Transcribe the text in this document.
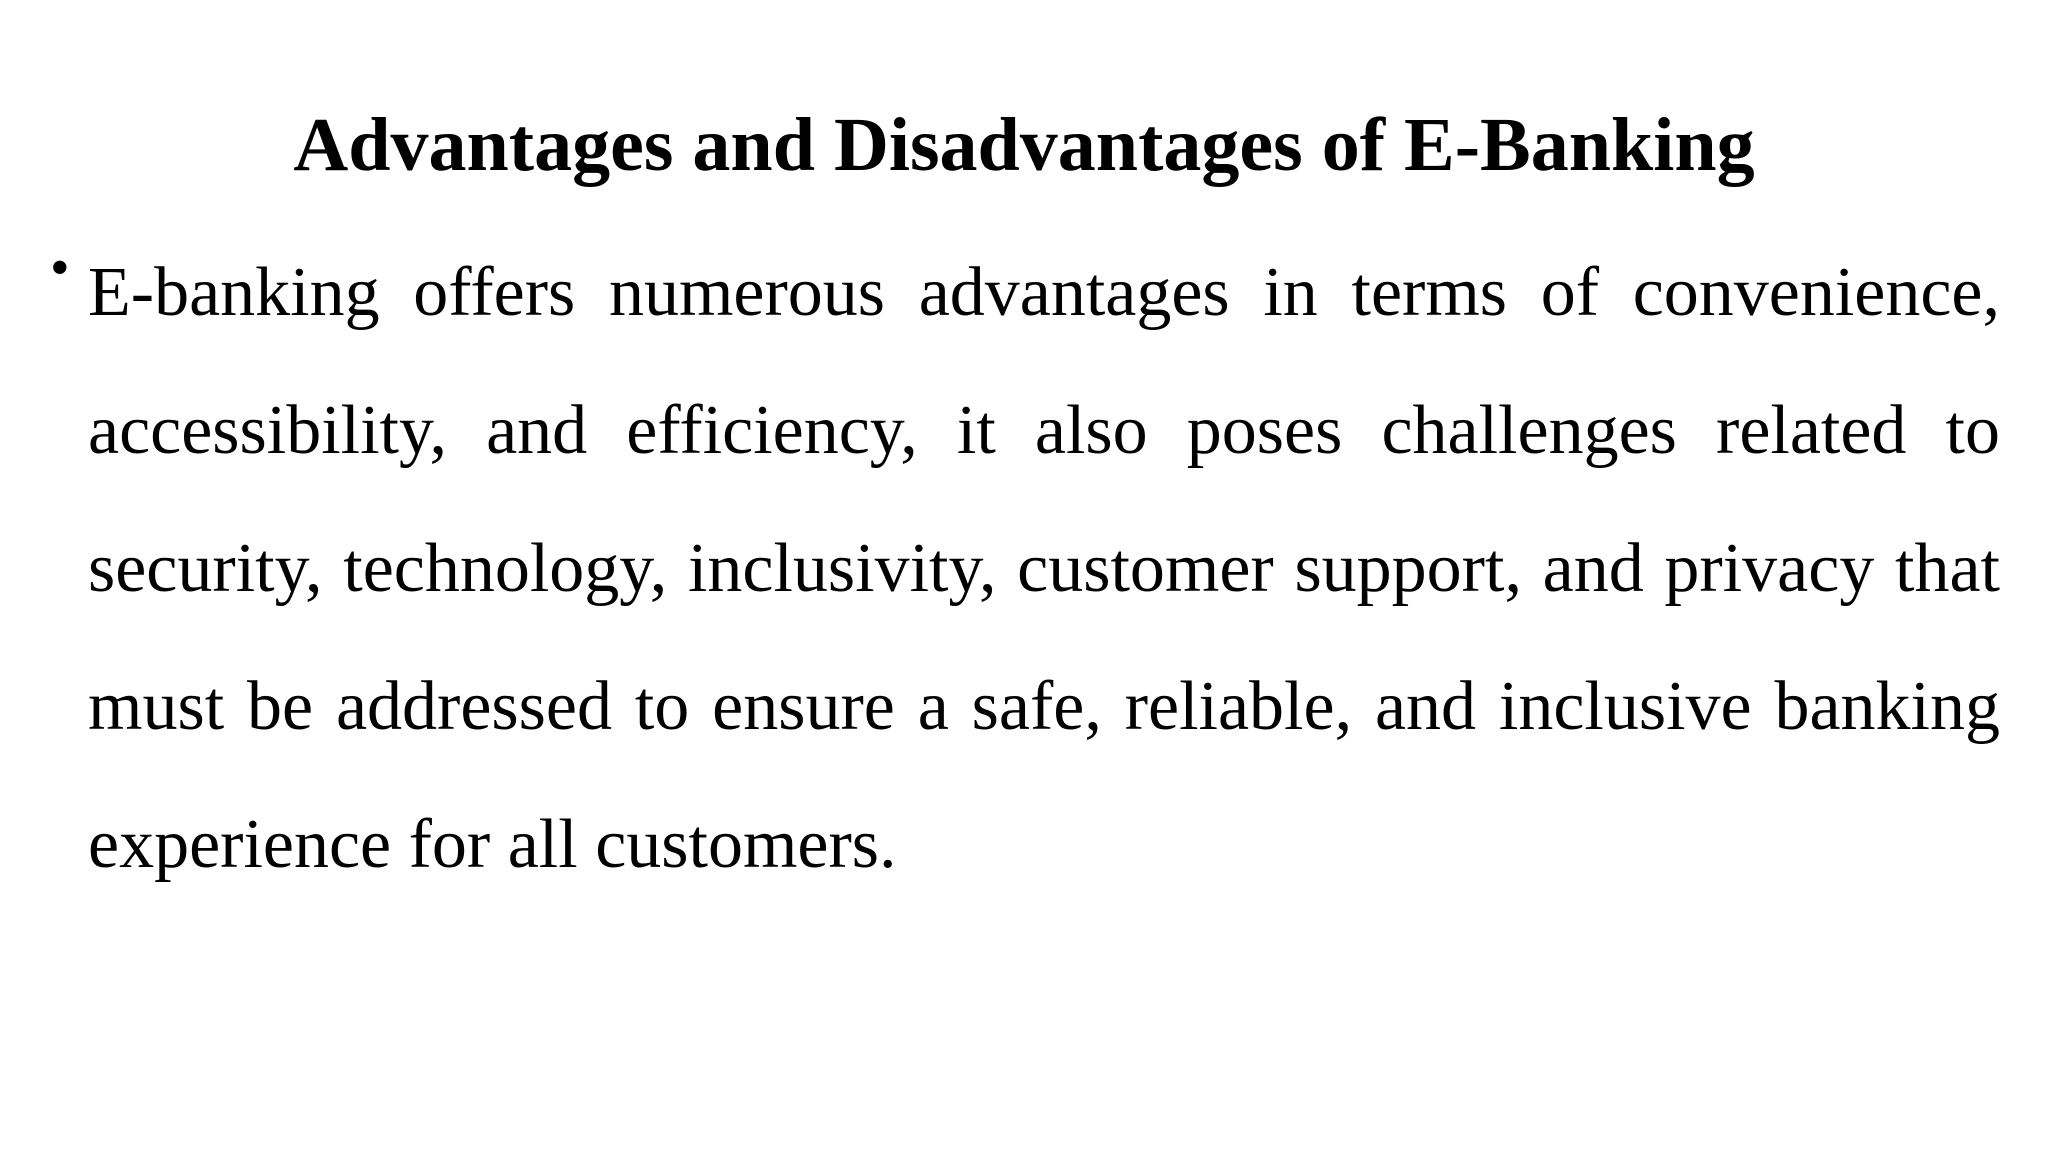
Advantages and Disadvantages of E-Banking
• E-banking offers numerous advantages in terms of convenience, accessibility, and efficiency, it also poses challenges related to security, technology, inclusivity, customer support, and privacy that must be addressed to ensure a safe, reliable, and inclusive banking experience for all customers.
